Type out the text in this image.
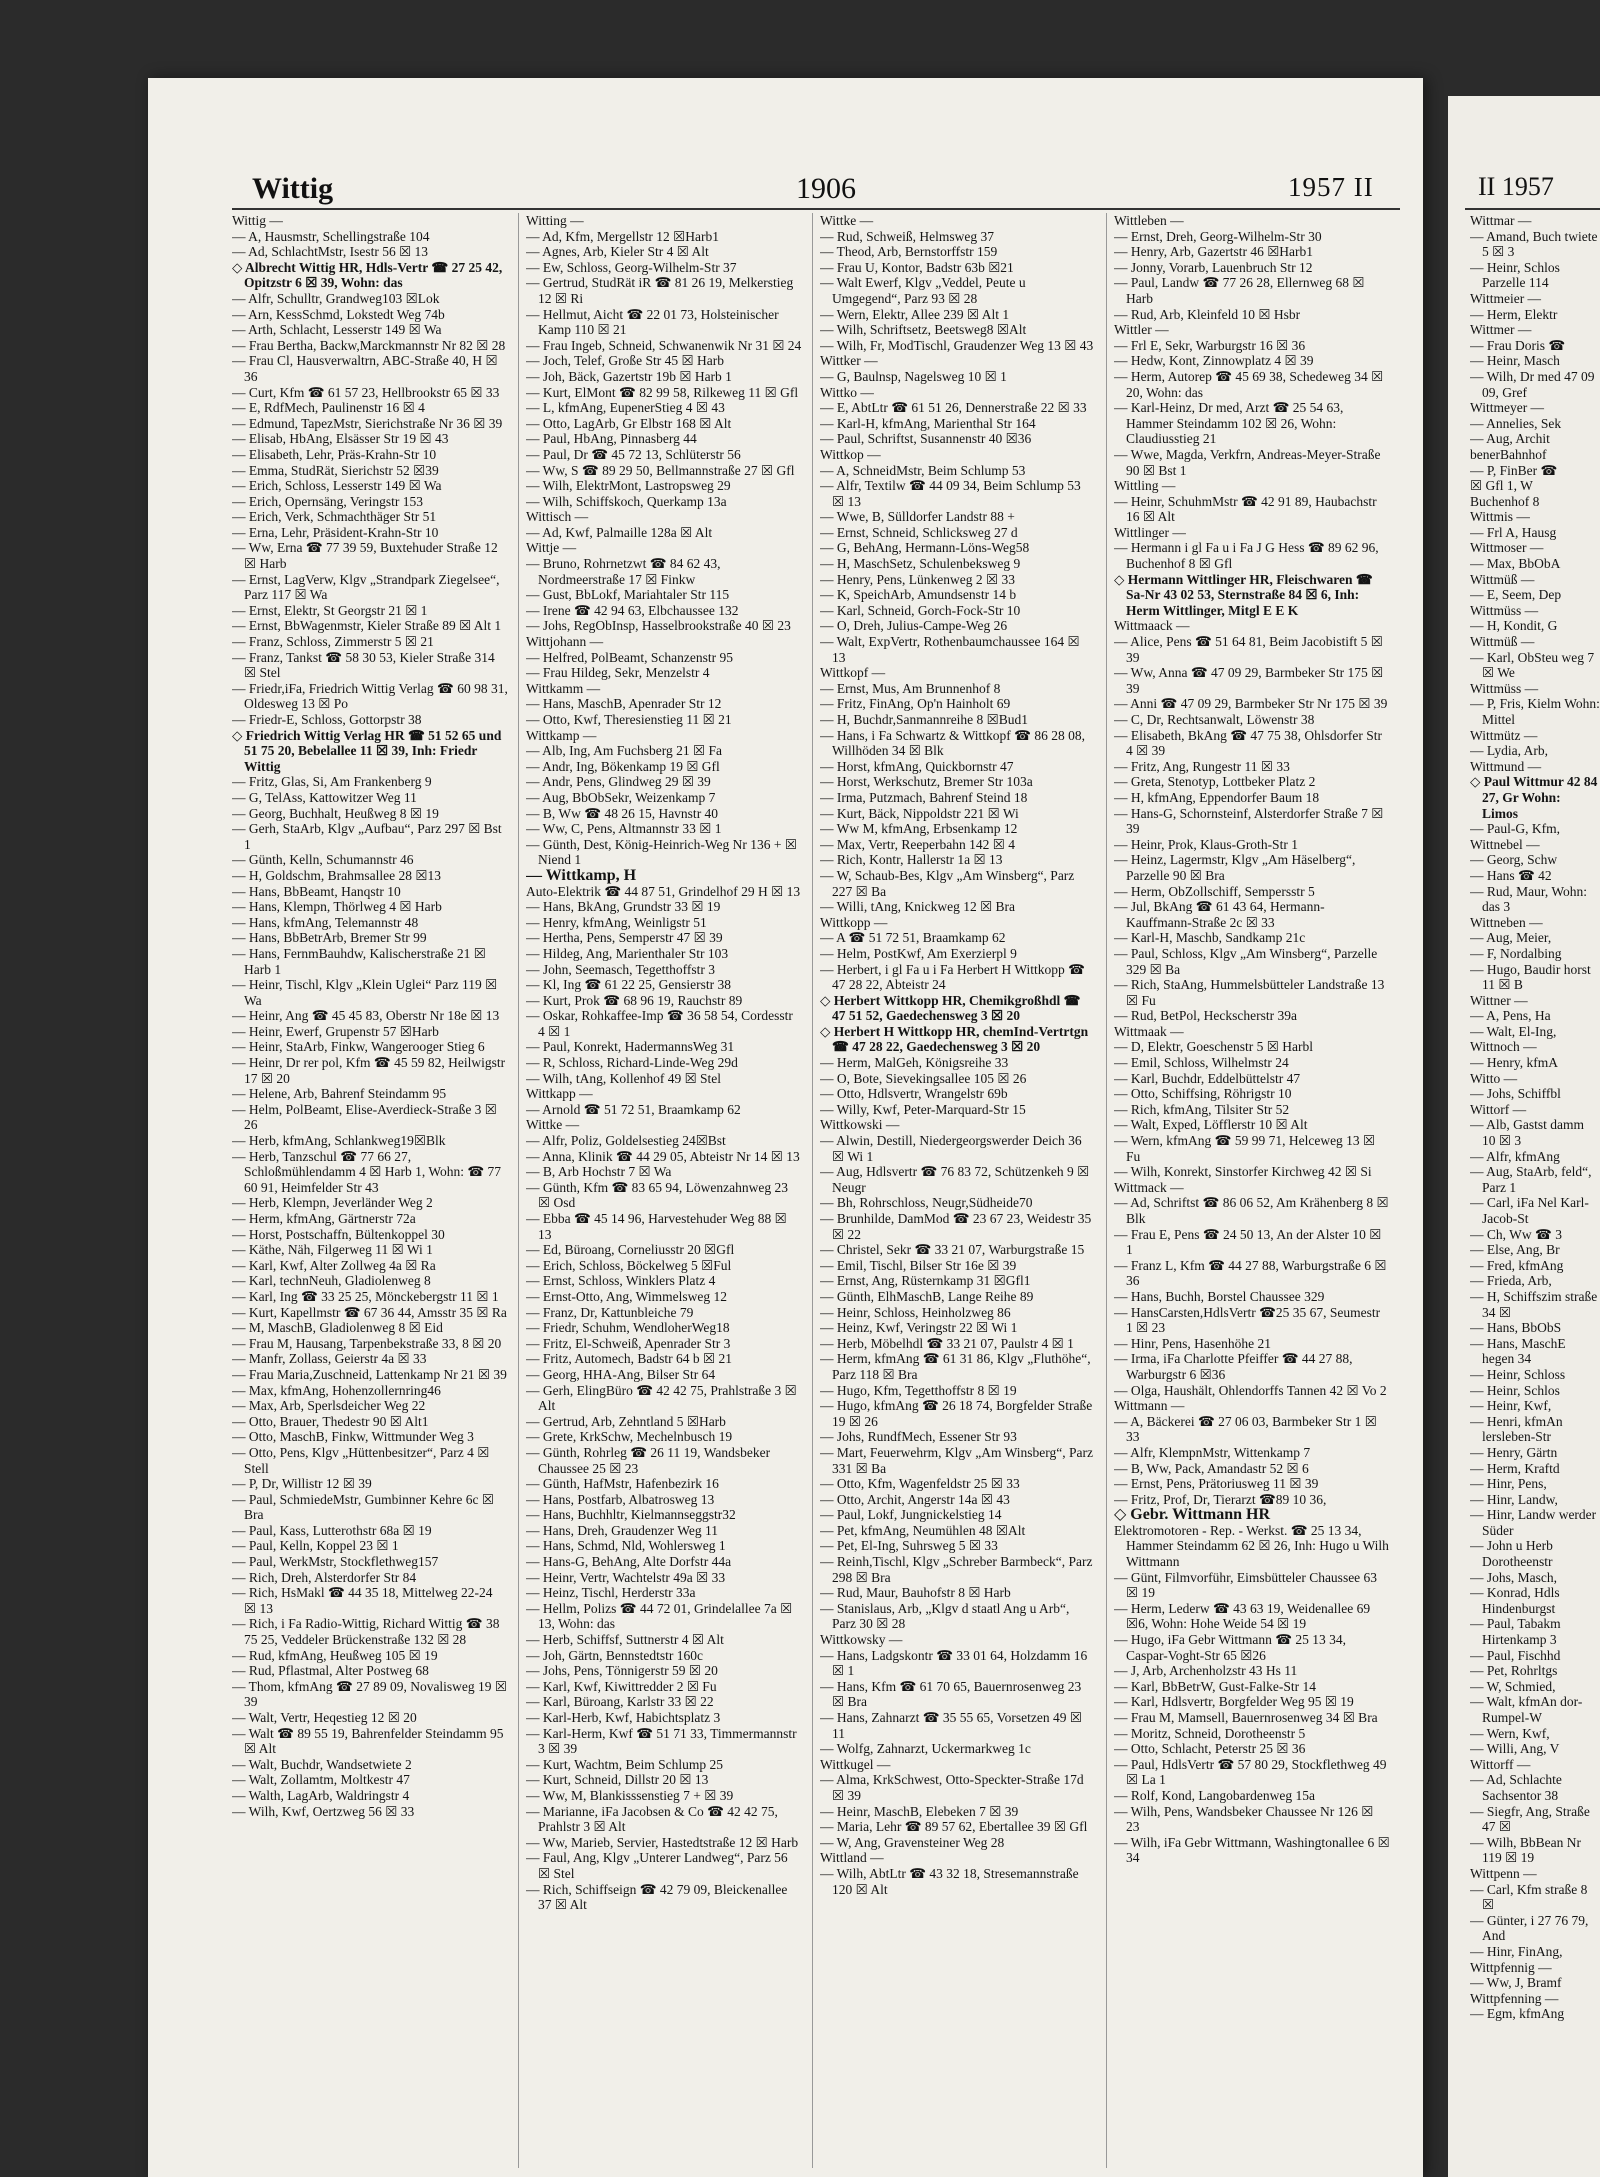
Wittig	1906	1957 II	II 1957

Wittig —

— A, Hausmstr, Schellingstraße 104

— Ad, SchlachtMstr, Isestr 56 ☒ 13

◇ Albrecht Wittig HR, Hdls-Vertr ☎ 27 25 42, Opitzstr 6 ☒ 39, Wohn: das

— Alfr, Schulltr, Grandweg103 ☒Lok

— Arn, KessSchmd, Lokstedt Weg 74b

— Arth, Schlacht, Lesserstr 149 ☒ Wa

— Frau Bertha, Backw,Marckmannstr Nr 82 ☒ 28

— Frau Cl, Hausverwaltrn, ABC-Straße 40, H ☒ 36

— Curt, Kfm ☎ 61 57 23, Hellbrookstr 65 ☒ 33

— E, RdfMech, Paulinenstr 16 ☒ 4

— Edmund, TapezMstr, Sierichstraße Nr 36 ☒ 39

— Elisab, HbAng, Elsässer Str 19 ☒ 43

— Elisabeth, Lehr, Präs-Krahn-Str 10

— Emma, StudRät, Sierichstr 52 ☒39

— Erich, Schloss, Lesserstr 149 ☒ Wa

— Erich, Opernsäng, Veringstr 153

— Erich, Verk, Schmachthäger Str 51

— Erna, Lehr, Präsident-Krahn-Str 10

— Ww, Erna ☎ 77 39 59, Buxtehuder Straße 12 ☒ Harb

— Ernst, LagVerw, Klgv „Strandpark Ziegelsee“, Parz 117 ☒ Wa

— Ernst, Elektr, St Georgstr 21 ☒ 1

— Ernst, BbWagenmstr, Kieler Straße 89 ☒ Alt 1

— Franz, Schloss, Zimmerstr 5 ☒ 21

— Franz, Tankst ☎ 58 30 53, Kieler Straße 314 ☒ Stel

— Friedr,iFa, Friedrich Wittig Verlag ☎ 60 98 31, Oldesweg 13 ☒ Po

— Friedr-E, Schloss, Gottorpstr 38

◇ Friedrich Wittig Verlag HR ☎ 51 52 65 und 51 75 20, Bebelallee 11 ☒ 39, Inh: Friedr Wittig

— Fritz, Glas, Si, Am Frankenberg 9

— G, TelAss, Kattowitzer Weg 11

— Georg, Buchhalt, Heußweg 8 ☒ 19

— Gerh, StaArb, Klgv „Aufbau“, Parz 297 ☒ Bst 1

— Günth, Kelln, Schumannstr 46

— H, Goldschm, Brahmsallee 28 ☒13

— Hans, BbBeamt, Hanqstr 10

— Hans, Klempn, Thörlweg 4 ☒ Harb

— Hans, kfmAng, Telemannstr 48

— Hans, BbBetrArb, Bremer Str 99

— Hans, FernmBauhdw, Kalischerstraße 21 ☒ Harb 1

— Heinr, Tischl, Klgv „Klein Uglei“ Parz 119 ☒ Wa

— Heinr, Ang ☎ 45 45 83, Oberstr Nr 18e ☒ 13

— Heinr, Ewerf, Grupenstr 57 ☒Harb

— Heinr, StaArb, Finkw, Wangerooger Stieg 6

— Heinr, Dr rer pol, Kfm ☎ 45 59 82, Heilwigstr 17 ☒ 20

— Helene, Arb, Bahrenf Steindamm 95

— Helm, PolBeamt, Elise-Averdieck-Straße 3 ☒ 26

— Herb, kfmAng, Schlankweg19☒Blk

— Herb, Tanzschul ☎ 77 66 27, Schloßmühlendamm 4 ☒ Harb 1, Wohn: ☎ 77 60 91, Heimfelder Str 43

— Herb, Klempn, Jeverländer Weg 2

— Herm, kfmAng, Gärtnerstr 72a

— Horst, Postschaffn, Bültenkoppel 30

— Käthe, Näh, Filgerweg 11 ☒ Wi 1

— Karl, Kwf, Alter Zollweg 4a ☒ Ra

— Karl, technNeuh, Gladiolenweg 8

— Karl, Ing ☎ 33 25 25, Mönckebergstr 11 ☒ 1

— Kurt, Kapellmstr ☎ 67 36 44, Amsstr 35 ☒ Ra

— M, MaschB, Gladiolenweg 8 ☒ Eid

— Frau M, Hausang, Tarpenbekstraße 33, 8 ☒ 20

— Manfr, Zollass, Geierstr 4a ☒ 33

— Frau Maria,Zuschneid, Lattenkamp Nr 21 ☒ 39

— Max, kfmAng, Hohenzollernring46

— Max, Arb, Sperlsdeicher Weg 22

— Otto, Brauer, Thedestr 90 ☒ Alt1

— Otto, MaschB, Finkw, Wittmunder Weg 3

— Otto, Pens, Klgv „Hüttenbesitzer“, Parz 4 ☒ Stell

— P, Dr, Willistr 12 ☒ 39

— Paul, SchmiedeMstr, Gumbinner Kehre 6c ☒ Bra

— Paul, Kass, Lutterothstr 68a ☒ 19

— Paul, Kelln, Koppel 23 ☒ 1

— Paul, WerkMstr, Stockflethweg157

— Rich, Dreh, Alsterdorfer Str 84

— Rich, HsMakl ☎ 44 35 18, Mittelweg 22-24 ☒ 13

— Rich, i Fa Radio-Wittig, Richard Wittig ☎ 38 75 25, Veddeler Brückenstraße 132 ☒ 28

— Rud, kfmAng, Heußweg 105 ☒ 19

— Rud, Pflastmal, Alter Postweg 68

— Thom, kfmAng ☎ 27 89 09, Novalisweg 19 ☒ 39

— Walt, Vertr, Heqestieg 12 ☒ 20

— Walt ☎ 89 55 19, Bahrenfelder Steindamm 95 ☒ Alt

— Walt, Buchdr, Wandsetwiete 2

— Walt, Zollamtm, Moltkestr 47

— Walth, LagArb, Waldringstr 4

— Wilh, Kwf, Oertzweg 56 ☒ 33

Witting —

— Ad, Kfm, Mergellstr 12 ☒Harb1

— Agnes, Arb, Kieler Str 4 ☒ Alt

— Ew, Schloss, Georg-Wilhelm-Str 37

— Gertrud, StudRät iR ☎ 81 26 19, Melkerstieg 12 ☒ Ri

— Hellmut, Aicht ☎ 22 01 73, Holsteinischer Kamp 110 ☒ 21

— Frau Ingeb, Schneid, Schwanenwik Nr 31 ☒ 24

— Joch, Telef, Große Str 45 ☒ Harb

— Joh, Bäck, Gazertstr 19b ☒ Harb 1

— Kurt, ElMont ☎ 82 99 58, Rilkeweg 11 ☒ Gfl

— L, kfmAng, EupenerStieg 4 ☒ 43

— Otto, LagArb, Gr Elbstr 168 ☒ Alt

— Paul, HbAng, Pinnasberg 44

— Paul, Dr ☎ 45 72 13, Schlüterstr 56

— Ww, S ☎ 89 29 50, Bellmannstraße 27 ☒ Gfl

— Wilh, ElektrMont, Lastropsweg 29

— Wilh, Schiffskoch, Querkamp 13a

Wittisch —

— Ad, Kwf, Palmaille 128a ☒ Alt

Wittje —

— Bruno, Rohrnetzwt ☎ 84 62 43, Nordmeerstraße 17 ☒ Finkw

— Gust, BbLokf, Mariahtaler Str 115

— Irene ☎ 42 94 63, Elbchaussee 132

— Johs, RegObInsp, Hasselbrookstraße 40 ☒ 23

Wittjohann —

— Helfred, PolBeamt, Schanzenstr 95

— Frau Hildeg, Sekr, Menzelstr 4

Wittkamm —

— Hans, MaschB, Apenrader Str 12

— Otto, Kwf, Theresienstieg 11 ☒ 21

Wittkamp —

— Alb, Ing, Am Fuchsberg 21 ☒ Fa

— Andr, Ing, Bökenkamp 19 ☒ Gfl

— Andr, Pens, Glindweg 29 ☒ 39

— Aug, BbObSekr, Weizenkamp 7

— B, Ww ☎ 48 26 15, Havnstr 40

— Ww, C, Pens, Altmannstr 33 ☒ 1

— Günth, Dest, König-Heinrich-Weg Nr 136 + ☒ Niend 1

— Wittkamp, H

Auto-Elektrik ☎ 44 87 51, Grindelhof 29 H ☒ 13

— Hans, BkAng, Grundstr 33 ☒ 19

— Henry, kfmAng, Weinligstr 51

— Hertha, Pens, Semperstr 47 ☒ 39

— Hildeg, Ang, Marienthaler Str 103

— John, Seemasch, Tegetthoffstr 3

— Kl, Ing ☎ 61 22 25, Gensierstr 38

— Kurt, Prok ☎ 68 96 19, Rauchstr 89

— Oskar, Rohkaffee-Imp ☎ 36 58 54, Cordesstr 4 ☒ 1

— Paul, Konrekt, HadermannsWeg 31

— R, Schloss, Richard-Linde-Weg 29d

— Wilh, tAng, Kollenhof 49 ☒ Stel

Wittkapp —

— Arnold ☎ 51 72 51, Braamkamp 62

Wittke —

— Alfr, Poliz, Goldelsestieg 24☒Bst

— Anna, Klinik ☎ 44 29 05, Abteistr Nr 14 ☒ 13

— B, Arb Hochstr 7 ☒ Wa

— Günth, Kfm ☎ 83 65 94, Löwenzahnweg 23 ☒ Osd

— Ebba ☎ 45 14 96, Harvestehuder Weg 88 ☒ 13

— Ed, Büroang, Corneliusstr 20 ☒Gfl

— Erich, Schloss, Böckelweg 5 ☒Ful

— Ernst, Schloss, Winklers Platz 4

— Ernst-Otto, Ang, Wimmelsweg 12

— Franz, Dr, Kattunbleiche 79

— Friedr, Schuhm, WendloherWeg18

— Fritz, El-Schweiß, Apenrader Str 3

— Fritz, Automech, Badstr 64 b ☒ 21

— Georg, HHA-Ang, Bilser Str 64

— Gerh, ElingBüro ☎ 42 42 75, Prahlstraße 3 ☒ Alt

— Gertrud, Arb, Zehntland 5 ☒Harb

— Grete, KrkSchw, Mechelnbusch 19

— Günth, Rohrleg ☎ 26 11 19, Wandsbeker Chaussee 25 ☒ 23

— Günth, HafMstr, Hafenbezirk 16

— Hans, Postfarb, Albatrosweg 13

— Hans, Buchhltr, Kielmannseggstr32

— Hans, Dreh, Graudenzer Weg 11

— Hans, Schmd, Nld, Wohlersweg 1

— Hans-G, BehAng, Alte Dorfstr 44a

— Heinr, Vertr, Wachtelstr 49a ☒ 33

— Heinz, Tischl, Herderstr 33a

— Hellm, Polizs ☎ 44 72 01, Grindelallee 7a ☒ 13, Wohn: das

— Herb, Schiffsf, Suttnerstr 4 ☒ Alt

— Joh, Gärtn, Bennstedtstr 160c

— Johs, Pens, Tönnigerstr 59 ☒ 20

— Karl, Kwf, Kiwittredder 2 ☒ Fu

— Karl, Büroang, Karlstr 33 ☒ 22

— Karl-Herb, Kwf, Habichtsplatz 3

— Karl-Herm, Kwf ☎ 51 71 33, Timmermannstr 3 ☒ 39

— Kurt, Wachtm, Beim Schlump 25

— Kurt, Schneid, Dillstr 20 ☒ 13

— Ww, M, Blankisssenstieg 7 + ☒ 39

— Marianne, iFa Jacobsen & Co ☎ 42 42 75, Prahlstr 3 ☒ Alt

— Ww, Marieb, Servier, Hastedtstraße 12 ☒ Harb

— Faul, Ang, Klgv „Unterer Landweg“, Parz 56 ☒ Stel

— Rich, Schiffseign ☎ 42 79 09, Bleickenallee 37 ☒ Alt

Wittke —

— Rud, Schweiß, Helmsweg 37

— Theod, Arb, Bernstorffstr 159

— Frau U, Kontor, Badstr 63b ☒21

— Walt Ewerf, Klgv „Veddel, Peute u Umgegend“, Parz 93 ☒ 28

— Wern, Elektr, Allee 239 ☒ Alt 1

— Wilh, Schriftsetz, Beetsweg8 ☒Alt

— Wilh, Fr, ModTischl, Graudenzer Weg 13 ☒ 43

Wittker —

— G, Baulnsp, Nagelsweg 10 ☒ 1

Wittko —

— E, AbtLtr ☎ 61 51 26, Dennerstraße 22 ☒ 33

— Karl-H, kfmAng, Marienthal Str 164

— Paul, Schriftst, Susannenstr 40 ☒36

Wittkop —

— A, SchneidMstr, Beim Schlump 53

— Alfr, Textilw ☎ 44 09 34, Beim Schlump 53 ☒ 13

— Wwe, B, Sülldorfer Landstr 88 +

— Ernst, Schneid, Schlicksweg 27 d

— G, BehAng, Hermann-Löns-Weg58

— H, MaschSetz, Schulenbeksweg 9

— Henry, Pens, Lünkenweg 2 ☒ 33

— K, SpeichArb, Amundsenstr 14 b

— Karl, Schneid, Gorch-Fock-Str 10

— O, Dreh, Julius-Campe-Weg 26

— Walt, ExpVertr, Rothenbaumchaussee 164 ☒ 13

Wittkopf —

— Ernst, Mus, Am Brunnenhof 8

— Fritz, FinAng, Op'n Hainholt 69

— H, Buchdr,Sanmannreihe 8 ☒Bud1

— Hans, i Fa Schwartz & Wittkopf ☎ 86 28 08, Willhöden 34 ☒ Blk

— Horst, kfmAng, Quickbornstr 47

— Horst, Werkschutz, Bremer Str 103a

— Irma, Putzmach, Bahrenf Steind 18

— Kurt, Bäck, Nippoldstr 221 ☒ Wi

— Ww M, kfmAng, Erbsenkamp 12

— Max, Vertr, Reeperbahn 142 ☒ 4

— Rich, Kontr, Hallerstr 1a ☒ 13

— W, Schaub-Bes, Klgv „Am Winsberg“, Parz 227 ☒ Ba

— Willi, tAng, Knickweg 12 ☒ Bra

Wittkopp —

— A ☎ 51 72 51, Braamkamp 62

— Helm, PostKwf, Am Exerzierpl 9

— Herbert, i gl Fa u i Fa Herbert H Wittkopp ☎ 47 28 22, Abteistr 24

◇ Herbert Wittkopp HR, Chemikgroßhdl ☎ 47 51 52, Gaedechensweg 3 ☒ 20

◇ Herbert H Wittkopp HR, chemInd-Vertrtgn ☎ 47 28 22, Gaedechensweg 3 ☒ 20

— Herm, MalGeh, Königsreihe 33

— O, Bote, Sievekingsallee 105 ☒ 26

— Otto, Hdlsvertr, Wrangelstr 69b

— Willy, Kwf, Peter-Marquard-Str 15

Wittkowski —

— Alwin, Destill, Niedergeorgswerder Deich 36 ☒ Wi 1

— Aug, Hdlsvertr ☎ 76 83 72, Schützenkeh 9 ☒ Neugr

— Bh, Rohrschloss, Neugr,Südheide70

— Brunhilde, DamMod ☎ 23 67 23, Weidestr 35 ☒ 22

— Christel, Sekr ☎ 33 21 07, Warburgstraße 15

— Emil, Tischl, Bilser Str 16e ☒ 39

— Ernst, Ang, Rüsternkamp 31 ☒Gfl1

— Günth, ElhMaschB, Lange Reihe 89

— Heinr, Schloss, Heinholzweg 86

— Heinz, Kwf, Veringstr 22 ☒ Wi 1

— Herb, Möbelhdl ☎ 33 21 07, Paulstr 4 ☒ 1

— Herm, kfmAng ☎ 61 31 86, Klgv „Fluthöhe“, Parz 118 ☒ Bra

— Hugo, Kfm, Tegetthoffstr 8 ☒ 19

— Hugo, kfmAng ☎ 26 18 74, Borgfelder Straße 19 ☒ 26

— Johs, RundfMech, Essener Str 93

— Mart, Feuerwehrm, Klgv „Am Winsberg“, Parz 331 ☒ Ba

— Otto, Kfm, Wagenfeldstr 25 ☒ 33

— Otto, Archit, Angerstr 14a ☒ 43

— Paul, Lokf, Jungnickelstieg 14

— Pet, kfmAng, Neumühlen 48 ☒Alt

— Pet, El-Ing, Suhrsweg 5 ☒ 33

— Reinh,Tischl, Klgv „Schreber Barmbeck“, Parz 298 ☒ Bra

— Rud, Maur, Bauhofstr 8 ☒ Harb

— Stanislaus, Arb, „Klgv d staatl Ang u Arb“, Parz 30 ☒ 28

Wittkowsky —

— Hans, Ladgskontr ☎ 33 01 64, Holzdamm 16 ☒ 1

— Hans, Kfm ☎ 61 70 65, Bauernrosenweg 23 ☒ Bra

— Hans, Zahnarzt ☎ 35 55 65, Vorsetzen 49 ☒ 11

— Wolfg, Zahnarzt, Uckermarkweg 1c

Wittkugel —

— Alma, KrkSchwest, Otto-Speckter-Straße 17d ☒ 39

— Heinr, MaschB, Elebeken 7 ☒ 39

— Maria, Lehr ☎ 89 57 62, Ebertallee 39 ☒ Gfl

— W, Ang, Gravensteiner Weg 28

Wittland —

— Wilh, AbtLtr ☎ 43 32 18, Stresemannstraße 120 ☒ Alt

Wittleben —

— Ernst, Dreh, Georg-Wilhelm-Str 30

— Henry, Arb, Gazertstr 46 ☒Harb1

— Jonny, Vorarb, Lauenbruch Str 12

— Paul, Landw ☎ 77 26 28, Ellernweg 68 ☒ Harb

— Rud, Arb, Kleinfeld 10 ☒ Hsbr

Wittler —

— Frl E, Sekr, Warburgstr 16 ☒ 36

— Hedw, Kont, Zinnowplatz 4 ☒ 39

— Herm, Autorep ☎ 45 69 38, Schedeweg 34 ☒ 20, Wohn: das

— Karl-Heinz, Dr med, Arzt ☎ 25 54 63, Hammer Steindamm 102 ☒ 26, Wohn: Claudiusstieg 21

— Wwe, Magda, Verkfrn, Andreas-Meyer-Straße 90 ☒ Bst 1

Wittling —

— Heinr, SchuhmMstr ☎ 42 91 89, Haubachstr 16 ☒ Alt

Wittlinger —

— Hermann i gl Fa u i Fa J G Hess ☎ 89 62 96, Buchenhof 8 ☒ Gfl

◇ Hermann Wittlinger HR, Fleischwaren ☎ Sa-Nr 43 02 53, Sternstraße 84 ☒ 6, Inh: Herm Wittlinger, Mitgl E E K

Wittmaack —

— Alice, Pens ☎ 51 64 81, Beim Jacobistift 5 ☒ 39

— Ww, Anna ☎ 47 09 29, Barmbeker Str 175 ☒ 39

— Anni ☎ 47 09 29, Barmbeker Str Nr 175 ☒ 39

— C, Dr, Rechtsanwalt, Löwenstr 38

— Elisabeth, BkAng ☎ 47 75 38, Ohlsdorfer Str 4 ☒ 39

— Fritz, Ang, Rungestr 11 ☒ 33

— Greta, Stenotyp, Lottbeker Platz 2

— H, kfmAng, Eppendorfer Baum 18

— Hans-G, Schornsteinf, Alsterdorfer Straße 7 ☒ 39

— Heinr, Prok, Klaus-Groth-Str 1

— Heinz, Lagermstr, Klgv „Am Häselberg“, Parzelle 90 ☒ Bra

— Herm, ObZollschiff, Sempersstr 5

— Jul, BkAng ☎ 61 43 64, Hermann-Kauffmann-Straße 2c ☒ 33

— Karl-H, Maschb, Sandkamp 21c

— Paul, Schloss, Klgv „Am Winsberg“, Parzelle 329 ☒ Ba

— Rich, StaAng, Hummelsbütteler Landstraße 13 ☒ Fu

— Rud, BetPol, Heckscherstr 39a

Wittmaak —

— D, Elektr, Goeschenstr 5 ☒ Harbl

— Emil, Schloss, Wilhelmstr 24

— Karl, Buchdr, Eddelbüttelstr 47

— Otto, Schiffsing, Röhrigstr 10

— Rich, kfmAng, Tilsiter Str 52

— Walt, Exped, Löfflerstr 10 ☒ Alt

— Wern, kfmAng ☎ 59 99 71, Helceweg 13 ☒ Fu

— Wilh, Konrekt, Sinstorfer Kirchweg 42 ☒ Si

Wittmack —

— Ad, Schriftst ☎ 86 06 52, Am Krähenberg 8 ☒ Blk

— Frau E, Pens ☎ 24 50 13, An der Alster 10 ☒ 1

— Franz L, Kfm ☎ 44 27 88, Warburgstraße 6 ☒ 36

— Hans, Buchh, Borstel Chaussee 329

— HansCarsten,HdlsVertr ☎25 35 67, Seumestr 1 ☒ 23

— Hinr, Pens, Hasenhöhe 21

— Irma, iFa Charlotte Pfeiffer ☎ 44 27 88, Warburgstr 6 ☒36

— Olga, Haushält, Ohlendorffs Tannen 42 ☒ Vo 2

Wittmann —

— A, Bäckerei ☎ 27 06 03, Barmbeker Str 1 ☒ 33

— Alfr, KlempnMstr, Wittenkamp 7

— B, Ww, Pack, Amandastr 52 ☒ 6

— Ernst, Pens, Prätoriusweg 11 ☒ 39

— Fritz, Prof, Dr, Tierarzt ☎89 10 36,

◇ Gebr. Wittmann HR

Elektromotoren - Rep. - Werkst. ☎ 25 13 34, Hammer Steindamm 62 ☒ 26, Inh: Hugo u Wilh Wittmann

— Günt, Filmvorführ, Eimsbütteler Chaussee 63 ☒ 19

— Herm, Lederw ☎ 43 63 19, Weidenallee 69 ☒6, Wohn: Hohe Weide 54 ☒ 19

— Hugo, iFa Gebr Wittmann ☎ 25 13 34, Caspar-Voght-Str 65 ☒26

— J, Arb, Archenholzstr 43 Hs 11

— Karl, BbBetrW, Gust-Falke-Str 14

— Karl, Hdlsvertr, Borgfelder Weg 95 ☒ 19

— Frau M, Mamsell, Bauernrosenweg 34 ☒ Bra

— Moritz, Schneid, Dorotheenstr 5

— Otto, Schlacht, Peterstr 25 ☒ 36

— Paul, HdlsVertr ☎ 57 80 29, Stockflethweg 49 ☒ La 1

— Rolf, Kond, Langobardenweg 15a

— Wilh, Pens, Wandsbeker Chaussee Nr 126 ☒ 23

— Wilh, iFa Gebr Wittmann, Washingtonallee 6 ☒ 34

Wittmar —

— Amand, Buch twiete 5 ☒ 3

— Heinr, Schlos Parzelle 114

Wittmeier —

— Herm, Elektr

Wittmer —

— Frau Doris ☎

— Heinr, Masch

— Wilh, Dr med 47 09 09, Gref

Wittmeyer —

— Annelies, Sek

— Aug, Archit

benerBahnhof

— P, FinBer ☎

☒ Gfl 1, W

Buchenhof 8

Wittmis —

— Frl A, Hausg

Wittmoser —

— Max, BbObA

Wittmüß —

— E, Seem, Dep

Wittmüss —

— H, Kondit, G

Wittmüß —

— Karl, ObSteu weg 7 ☒ We

Wittmüss —

— P, Fris, Kielm Wohn: Mittel

Wittmütz —

— Lydia, Arb,

Wittmund —

◇ Paul Wittmur 42 84 27, Gr Wohn: Limos

— Paul-G, Kfm,

Wittnebel —

— Georg, Schw

— Hans ☎ 42

— Rud, Maur, Wohn: das 3

Wittneben —

— Aug, Meier,

— F, Nordalbing

— Hugo, Baudir horst 11 ☒ B

Wittner —

— A, Pens, Ha

— Walt, El-Ing,

Wittnoch —

— Henry, kfmA

Witto —

— Johs, Schiffbl

Wittorf —

— Alb, Gastst damm 10 ☒ 3

— Alfr, kfmAng

— Aug, StaArb, feld“, Parz 1

— Carl, iFa Nel Karl-Jacob-St

— Ch, Ww ☎ 3

— Else, Ang, Br

— Fred, kfmAng

— Frieda, Arb,

— H, Schiffszim straße 34 ☒

— Hans, BbObS

— Hans, MaschE hegen 34

— Heinr, Schloss

— Heinr, Schlos

— Heinr, Kwf,

— Henri, kfmAn lersleben-Str

— Henry, Gärtn

— Herm, Kraftd

— Hinr, Pens,

— Hinr, Landw,

— Hinr, Landw werder Süder

— John u Herb Dorotheenstr

— Johs, Masch,

— Konrad, Hdls Hindenburgst

— Paul, Tabakm Hirtenkamp 3

— Paul, Fischhd

— Pet, Rohrltgs

— W, Schmied,

— Walt, kfmAn dor-Rumpel-W

— Wern, Kwf,

— Willi, Ang, V

Wittorff —

— Ad, Schlachte Sachsentor 38

— Siegfr, Ang, Straße 47 ☒

— Wilh, BbBean Nr 119 ☒ 19

Wittpenn —

— Carl, Kfm straße 8 ☒

— Günter, i 27 76 79, And

— Hinr, FinAng,

Wittpfennig —

— Ww, J, Bramf

Wittpfenning —

— Egm, kfmAng
